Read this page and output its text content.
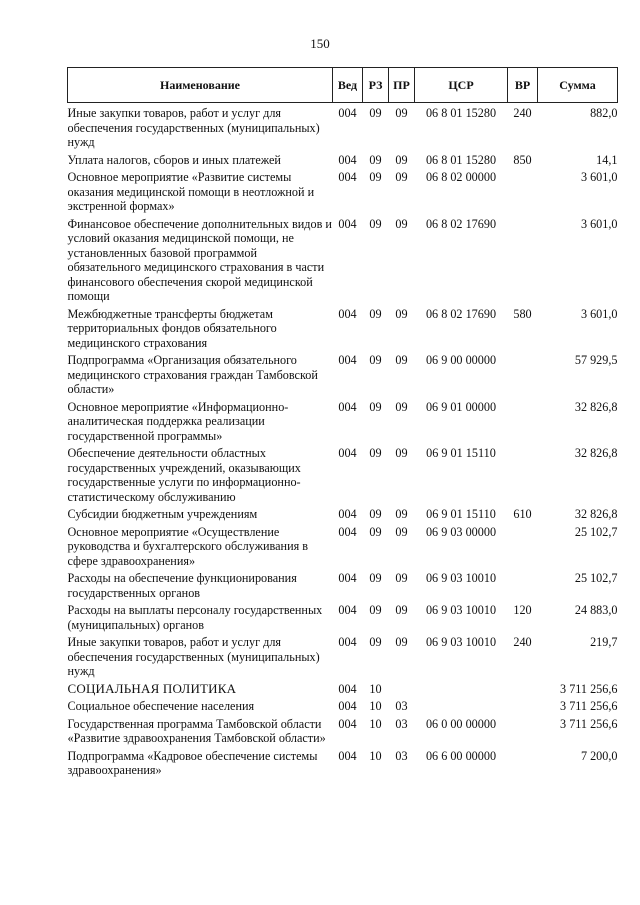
150
Наименование	Вед	РЗ	ПР	ЦСР	ВР	Сумма
Иные закупки товаров, работ и услуг для обеспечения государственных (муниципальных) нужд	004	09	09	06 8 01 15280	240	882,0
Уплата налогов, сборов и иных платежей	004	09	09	06 8 01 15280	850	14,1
Основное мероприятие «Развитие системы оказания медицинской помощи в неотложной и экстренной формах»	004	09	09	06 8 02 00000		3 601,0
Финансовое обеспечение дополнительных видов и условий оказания медицинской помощи, не установленных базовой программой обязательного медицинского страхования в части финансового обеспечения скорой медицинской помощи	004	09	09	06 8 02 17690		3 601,0
Межбюджетные трансферты бюджетам территориальных фондов обязательного медицинского страхования	004	09	09	06 8 02 17690	580	3 601,0
Подпрограмма «Организация обязательного медицинского страхования граждан Тамбовской области»	004	09	09	06 9 00 00000		57 929,5
Основное мероприятие «Информационно-аналитическая поддержка реализации государственной программы»	004	09	09	06 9 01 00000		32 826,8
Обеспечение деятельности областных государственных учреждений, оказывающих государственные услуги по информационно-статистическому обслуживанию	004	09	09	06 9 01 15110		32 826,8
Субсидии бюджетным учреждениям	004	09	09	06 9 01 15110	610	32 826,8
Основное мероприятие «Осуществление руководства и бухгалтерского обслуживания в сфере здравоохранения»	004	09	09	06 9 03 00000		25 102,7
Расходы на обеспечение функционирования государственных органов	004	09	09	06 9 03 10010		25 102,7
Расходы на выплаты персоналу государственных (муниципальных) органов	004	09	09	06 9 03 10010	120	24 883,0
Иные закупки товаров, работ и услуг для обеспечения государственных (муниципальных) нужд	004	09	09	06 9 03 10010	240	219,7
СОЦИАЛЬНАЯ ПОЛИТИКА	004	10				3 711 256,6
Социальное обеспечение населения	004	10	03			3 711 256,6
Государственная программа Тамбовской области «Развитие здравоохранения Тамбовской области»	004	10	03	06 0 00 00000		3 711 256,6
Подпрограмма «Кадровое обеспечение системы здравоохранения»	004	10	03	06 6 00 00000		7 200,0
